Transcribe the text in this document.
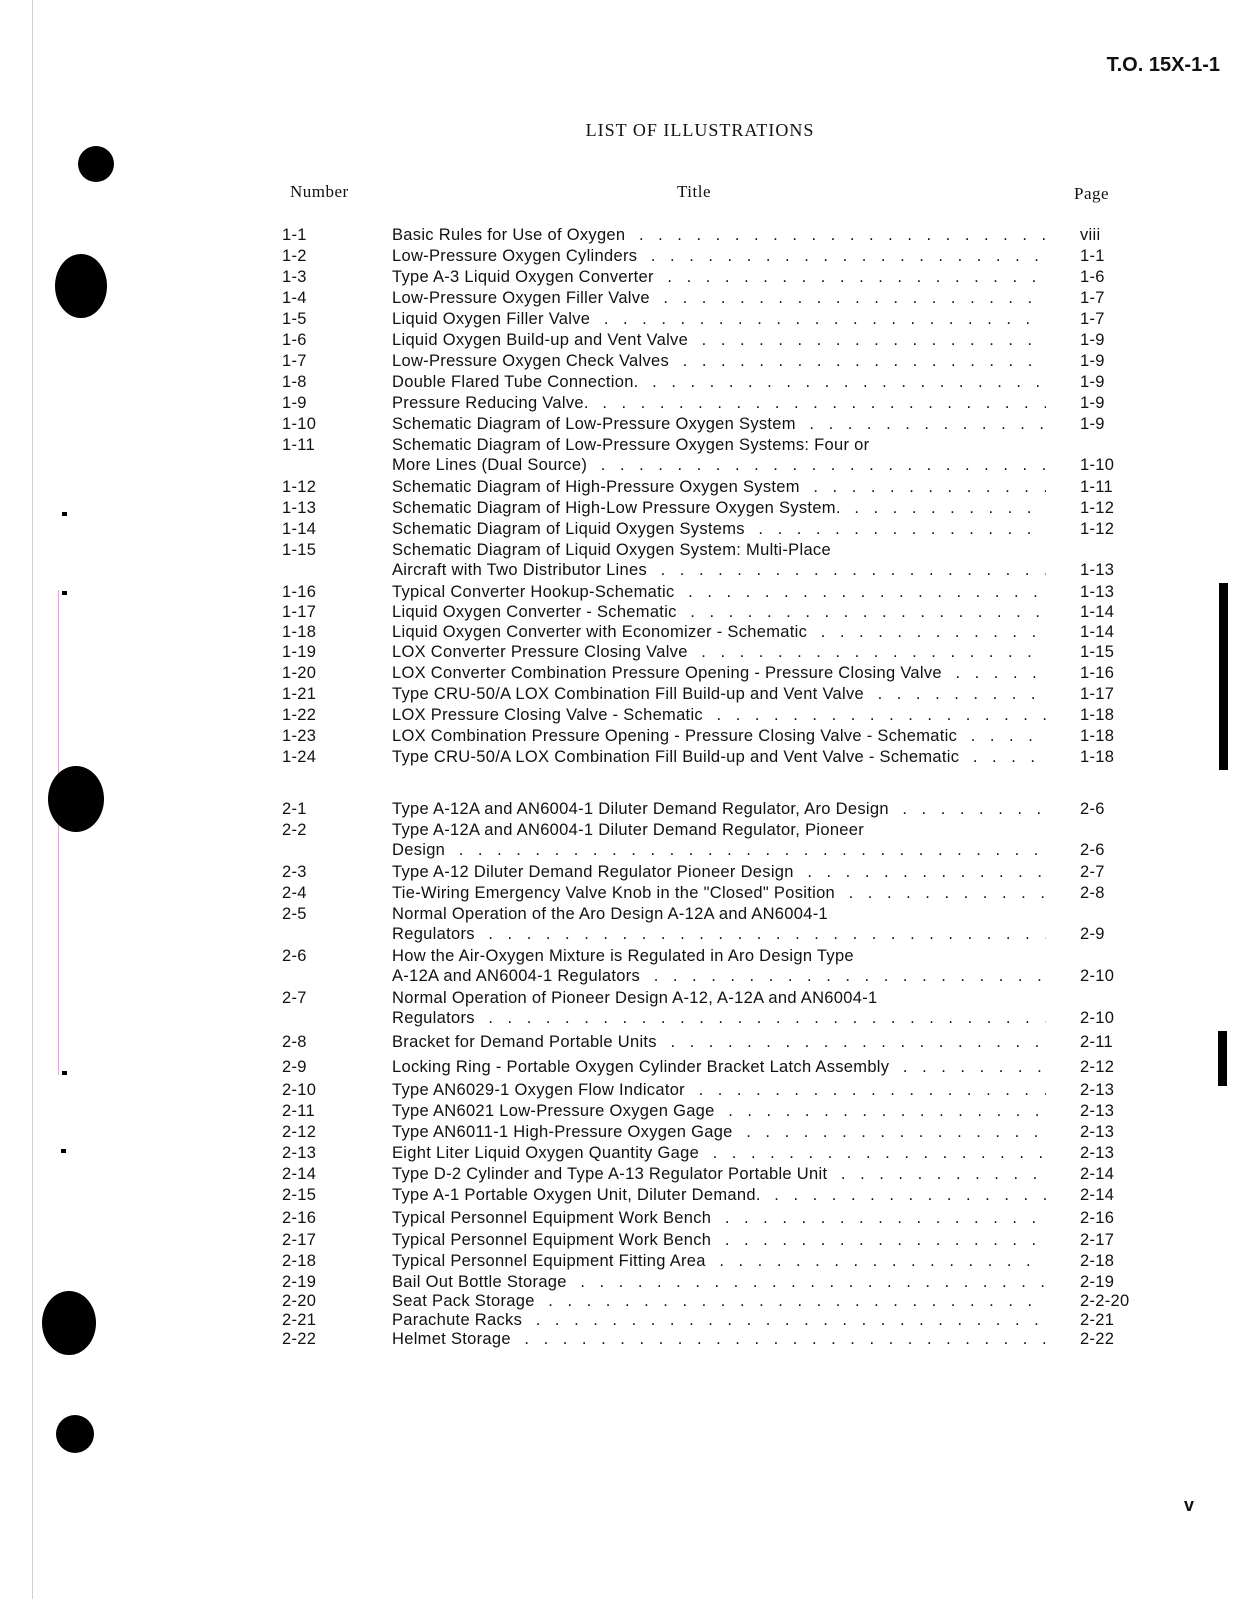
T.O. 15X-1-1
LIST OF ILLUSTRATIONS
Number	Title	Page
1-1	Basic Rules for Use of Oxygen . . .	viii
1-2	Low-Pressure Oxygen Cylinders . . .	1-1
1-3	Type A-3 Liquid Oxygen Converter . . .	1-6
1-4	Low-Pressure Oxygen Filler Valve . . .	1-7
1-5	Liquid Oxygen Filler Valve . . .	1-7
1-6	Liquid Oxygen Build-up and Vent Valve . . .	1-9
1-7	Low-Pressure Oxygen Check Valves . . .	1-9
1-8	Double Flared Tube Connection. . . .	1-9
1-9	Pressure Reducing Valve. . . .	1-9
1-10	Schematic Diagram of Low-Pressure Oxygen System . . .	1-9
1-11	Schematic Diagram of Low-Pressure Oxygen Systems: Four or
More Lines (Dual Source) . . .	1-10
1-12	Schematic Diagram of High-Pressure Oxygen System . . .	1-11
1-13	Schematic Diagram of High-Low Pressure Oxygen System. . . .	1-12
1-14	Schematic Diagram of Liquid Oxygen Systems . . .	1-12
1-15	Schematic Diagram of Liquid Oxygen System: Multi-Place
Aircraft with Two Distributor Lines . . .	1-13
1-16	Typical Converter Hookup-Schematic . . .	1-13
1-17	Liquid Oxygen Converter - Schematic . . .	1-14
1-18	Liquid Oxygen Converter with Economizer - Schematic . . .	1-14
1-19	LOX Converter Pressure Closing Valve . . .	1-15
1-20	LOX Converter Combination Pressure Opening - Pressure Closing Valve . . .	1-16
1-21	Type CRU-50/A LOX Combination Fill Build-up and Vent Valve . . .	1-17
1-22	LOX Pressure Closing Valve - Schematic . . .	1-18
1-23	LOX Combination Pressure Opening - Pressure Closing Valve - Schematic . . .	1-18
1-24	Type CRU-50/A LOX Combination Fill Build-up and Vent Valve - Schematic . . .	1-18
2-1	Type A-12A and AN6004-1 Diluter Demand Regulator, Aro Design . . .	2-6
2-2	Type A-12A and AN6004-1 Diluter Demand Regulator, Pioneer
Design . . .	2-6
2-3	Type A-12 Diluter Demand Regulator Pioneer Design . . .	2-7
2-4	Tie-Wiring Emergency Valve Knob in the "Closed" Position . . .	2-8
2-5	Normal Operation of the Aro Design A-12A and AN6004-1
Regulators . . .	2-9
2-6	How the Air-Oxygen Mixture is Regulated in Aro Design Type
A-12A and AN6004-1 Regulators . . .	2-10
2-7	Normal Operation of Pioneer Design A-12, A-12A and AN6004-1
Regulators . . .	2-10
2-8	Bracket for Demand Portable Units . . .	2-11
2-9	Locking Ring - Portable Oxygen Cylinder Bracket Latch Assembly . . .	2-12
2-10	Type AN6029-1 Oxygen Flow Indicator . . .	2-13
2-11	Type AN6021 Low-Pressure Oxygen Gage . . .	2-13
2-12	Type AN6011-1 High-Pressure Oxygen Gage . . .	2-13
2-13	Eight Liter Liquid Oxygen Quantity Gage . . .	2-13
2-14	Type D-2 Cylinder and Type A-13 Regulator Portable Unit . . .	2-14
2-15	Type A-1 Portable Oxygen Unit, Diluter Demand. . . .	2-14
2-16	Typical Personnel Equipment Work Bench . . .	2-16
2-17	Typical Personnel Equipment Work Bench . . .	2-17
2-18	Typical Personnel Equipment Fitting Area . . .	2-18
2-19	Bail Out Bottle Storage . . .	2-19
2-20	Seat Pack Storage . . .	2-2-20
2-21	Parachute Racks . . .	2-21
2-22	Helmet Storage . . .	2-22
v
